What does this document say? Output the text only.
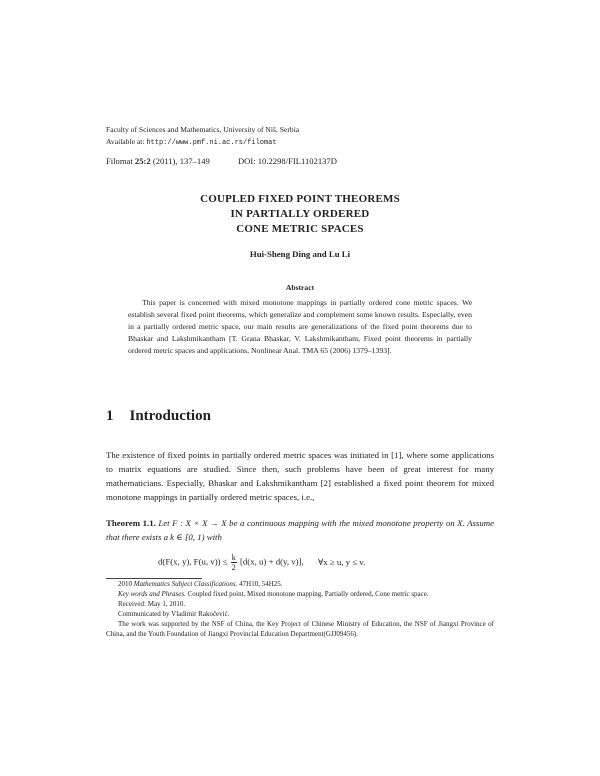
Faculty of Sciences and Mathematics, University of Niš, Serbia
Available at: http://www.pmf.ni.ac.rs/filomat
Filomat 25:2 (2011), 137–149	DOI: 10.2298/FIL1102137D
COUPLED FIXED POINT THEOREMS
IN PARTIALLY ORDERED
CONE METRIC SPACES
Hui-Sheng Ding and Lu Li
Abstract
This paper is concerned with mixed monotone mappings in partially ordered cone metric spaces. We establish several fixed point theorems, which generalize and complement some known results. Especially, even in a partially ordered metric space, our main results are generalizations of the fixed point theorems due to Bhaskar and Lakshmikantham [T. Grana Bhaskar, V. Lakshmikantham, Fixed point theorems in partially ordered metric spaces and applications, Nonlinear Anal. TMA 65 (2006) 1379–1393].
1 Introduction
The existence of fixed points in partially ordered metric spaces was initiated in [1], where some applications to matrix equations are studied. Since then, such problems have been of great interest for many mathematicians. Especially, Bhaskar and Lakshmikantham [2] established a fixed point theorem for mixed monotone mappings in partially ordered metric spaces, i.e.,
Theorem 1.1. Let F : X × X → X be a continuous mapping with the mixed monotone property on X. Assume that there exists a k ∈ [0, 1) with
d(F(x, y), F(u, $v)) \le \frac{k}{2} [d(x$, u) + d(y, v)], ∀x ≥ u, y ≤ v.
2010 Mathematics Subject Classifications. 47H10, 54H25.
Key words and Phrases. Coupled fixed point, Mixed monotone mapping, Partially ordered, Cone metric space.
Received: May 1, 2010.
Communicated by Vladimir Rakočević.
The work was supported by the NSF of China, the Key Project of Chinese Ministry of Education, the NSF of Jiangxi Province of China, and the Youth Foundation of Jiangxi Provincial Education Department(GJJ09456).
